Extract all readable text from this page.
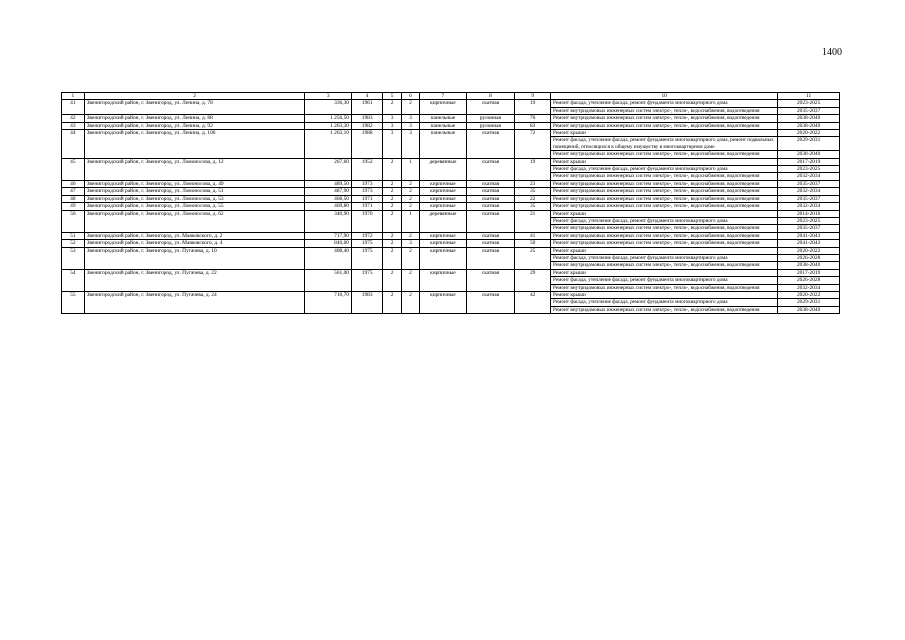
1400
1	2	3	4	5	6	7	8	9	10	11
41	Звенигородский район, г. Звенигород, ул. Ленина, д. 78	336,30	1961	2	2	кирпичные	скатная	19	Ремонт фасада, утепление фасада, ремонт фундамента многоквартирного дома	2023-2025
									Ремонт внутридомовых инженерных систем электро-, тепло-, водоснабжения, водоотведения	2035-2037
42	Звенигородский район, г. Звенигород, ул. Ленина, д. 88	1 256,50	1983	3	3	панельные	рулонная	76	Ремонт внутридомовых инженерных систем электро-, тепло-, водоснабжения, водоотведения	2038-2040
43	Звенигородский район, г. Звенигород, ул. Ленина, д. 92	1 263,30	1982	3	3	панельные	рулонная	83	Ремонт внутридомовых инженерных систем электро-, тепло-, водоснабжения, водоотведения	2038-2040
44	Звенигородский район, г. Звенигород, ул. Ленина, д. 106	1 263,10	1988	3	3	панельные	скатная	72	Ремонт крыши	2020-2022
									Ремонт фасада, утепление фасада, ремонт фундамента многоквартирного дома, ремонт подвальных помещений, относящихся к общему имуществу в многоквартирном доме	2029-2031
									Ремонт внутридомовых инженерных систем электро-, тепло-, водоснабжения, водоотведения	2038-2040
45	Звенигородский район, г. Звенигород, ул. Ломоносова, д. 12	267,60	1952	2	1	деревянные	скатная	19	Ремонт крыши	2017-2019
									Ремонт фасада, утепление фасада, ремонт фундамента многоквартирного дома	2023-2025
									Ремонт внутридомовых инженерных систем электро-, тепло-, водоснабжения, водоотведения	2032-2034
46	Звенигородский район, г. Звенигород, ул. Ломоносова, д. 49	489,50	1973	2	2	кирпичные	скатная	23	Ремонт внутридомовых инженерных систем электро-, тепло-, водоснабжения, водоотведения	2035-2037
47	Звенигородский район, г. Звенигород, ул. Ломоносова, д. 51	487,90	1973	2	2	кирпичные	скатная	35	Ремонт внутридомовых инженерных систем электро-, тепло-, водоснабжения, водоотведения	2032-2034
48	Звенигородский район, г. Звенигород, ул. Ломоносова, д. 53	468,50	1971	2	2	кирпичные	скатная	22	Ремонт внутридомовых инженерных систем электро-, тепло-, водоснабжения, водоотведения	2035-2037
49	Звенигородский район, г. Звенигород, ул. Ломоносова, д. 55	469,80	1971	2	2	кирпичные	скатная	35	Ремонт внутридомовых инженерных систем электро-, тепло-, водоснабжения, водоотведения	2032-2034
50	Звенигородский район, г. Звенигород, ул. Ломоносова, д. 62	340,90	1970	2	1	деревянные	скатная	21	Ремонт крыши	2014-2016
									Ремонт фасада, утепление фасада, ремонт фундамента многоквартирного дома	2023-2025
									Ремонт внутридомовых инженерных систем электро-, тепло-, водоснабжения, водоотведения	2035-2037
51	Звенигородский район, г. Звенигород, ул. Маяковского, д. 2	717,90	1972	2	2	кирпичные	скатная	41	Ремонт внутридомовых инженерных систем электро-, тепло-, водоснабжения, водоотведения	2041-2043
52	Звенигородский район, г. Звенигород, ул. Маяковского, д. 4	840,00	1975	2	3	кирпичные	скатная	50	Ремонт внутридомовых инженерных систем электро-, тепло-, водоснабжения, водоотведения	2041-2043
53	Звенигородский район, г. Звенигород, ул. Пугачева, д. 10	408,40	1975	2	2	кирпичные	скатная	25	Ремонт крыши	2020-2022
									Ремонт фасада, утепление фасада, ремонт фундамента многоквартирного дома	2026-2028
									Ремонт внутридомовых инженерных систем электро-, тепло-, водоснабжения, водоотведения	2038-2040
54	Звенигородский район, г. Звенигород, ул. Пугачева, д. 22	561,00	1975	2	2	кирпичные	скатная	29	Ремонт крыши	2017-2019
									Ремонт фасада, утепление фасада, ремонт фундамента многоквартирного дома	2026-2028
									Ремонт внутридомовых инженерных систем электро-, тепло-, водоснабжения, водоотведения	2032-2034
55	Звенигородский район, г. Звенигород, ул. Пугачева, д. 24	710,70	1983	2	2	кирпичные	скатная	42	Ремонт крыши	2020-2022
									Ремонт фасада, утепление фасада, ремонт фундамента многоквартирного дома	2029-2031
									Ремонт внутридомовых инженерных систем электро-, тепло-, водоснабжения, водоотведения	2038-2040
